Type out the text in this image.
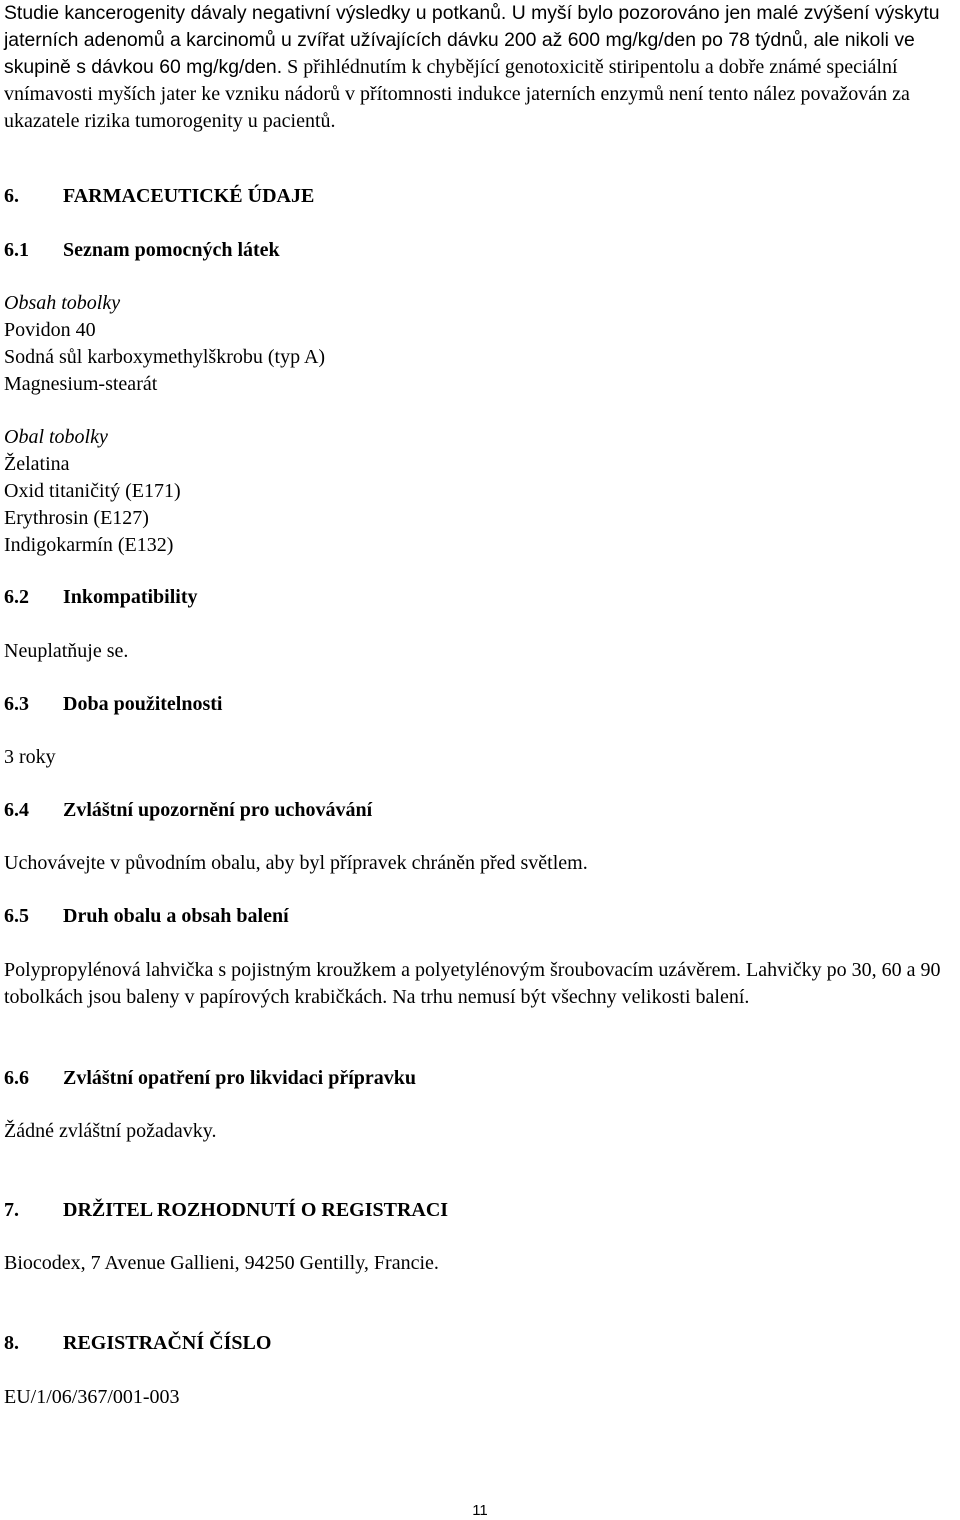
Studie kancerogenity dávaly negativní výsledky u potkanů. U myší bylo pozorováno jen malé zvýšení výskytu jaterních adenomů a karcinomů u zvířat užívajících dávku 200 až 600 mg/kg/den po 78 týdnů, ale nikoli ve skupině s dávkou 60 mg/kg/den. S přihlédnutím k chybějící genotoxicitě stiripentolu a dobře známé speciální vnímavosti myších jater ke vzniku nádorů v přítomnosti indukce jaterních enzymů není tento nález považován za ukazatele rizika tumorogenity u pacientů.
6. FARMACEUTICKÉ ÚDAJE
6.1 Seznam pomocných látek
Obsah tobolky
Povidon 40
Sodná sůl karboxymethylškrobu (typ A)
Magnesium-stearát
Obal tobolky
Želatina
Oxid titaničitý (E171)
Erythrosin (E127)
Indigokarmín (E132)
6.2 Inkompatibility
Neuplatňuje se.
6.3 Doba použitelnosti
3 roky
6.4 Zvláštní upozornění pro uchovávání
Uchovávejte v původním obalu, aby byl přípravek chráněn před světlem.
6.5 Druh obalu a obsah balení
Polypropylénová lahvička s pojistným kroužkem a polyetylénovým šroubovacím uzávěrem. Lahvičky po 30, 60 a 90 tobolkách jsou baleny v papírových krabičkách. Na trhu nemusí být všechny velikosti balení.
6.6 Zvláštní opatření pro likvidaci přípravku
Žádné zvláštní požadavky.
7. DRŽITEL ROZHODNUTÍ O REGISTRACI
Biocodex, 7 Avenue Gallieni, 94250 Gentilly, Francie.
8. REGISTRAČNÍ ČÍSLO
EU/1/06/367/001-003
11
